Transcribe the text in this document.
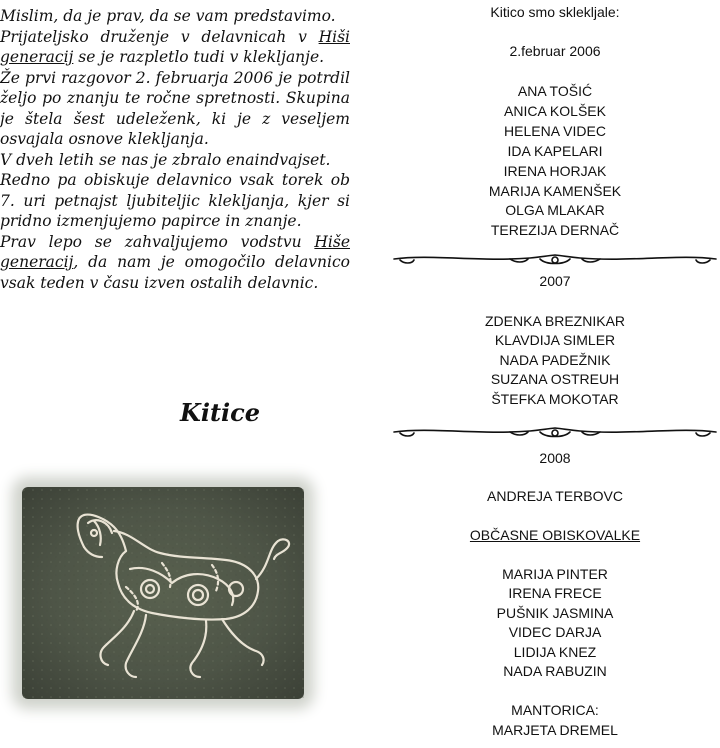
Mislim, da je prav, da se vam predstavimo.

Prijateljsko druženje v delavnicah v Hiši generacij se je razpletlo tudi v klekljanje.

Že prvi razgovor 2. februarja 2006 je potrdil željo po znanju te ročne spretnosti. Skupina je štela šest udeleženk, ki je z veseljem osvajala osnove klekljanja.

V dveh letih se nas je zbralo enaindvajset.

Redno pa obiskuje delavnico vsak torek ob 7. uri petnajst ljubiteljic klekljanja, kjer si pridno izmenjujemo papirce in znanje.

Prav lepo se zahvaljujemo vodstvu Hiše generacij, da nam je omogočilo delavnico vsak teden v času izven ostalih delavnic.

Kitice
Kitico smo sklekljale:
2.februar 2006
ANA TOŠIĆ
ANICA KOLŠEK
HELENA VIDEC
IDA KAPELARI
IRENA HORJAK
MARIJA KAMENŠEK
OLGA MLAKAR
TEREZIJA DERNAČ
2007
ZDENKA BREZNIKAR
KLAVDIJA SIMLER
NADA PADEŽNIK
SUZANA OSTREUH
ŠTEFKA MOKOTAR
2008
ANDREJA TERBOVC
OBČASNE OBISKOVALKE
MARIJA PINTER
IRENA FRECE
PUŠNIK JASMINA
VIDEC DARJA
LIDIJA KNEZ
NADA RABUZIN
MANTORICA:
MARJETA DREMEL
